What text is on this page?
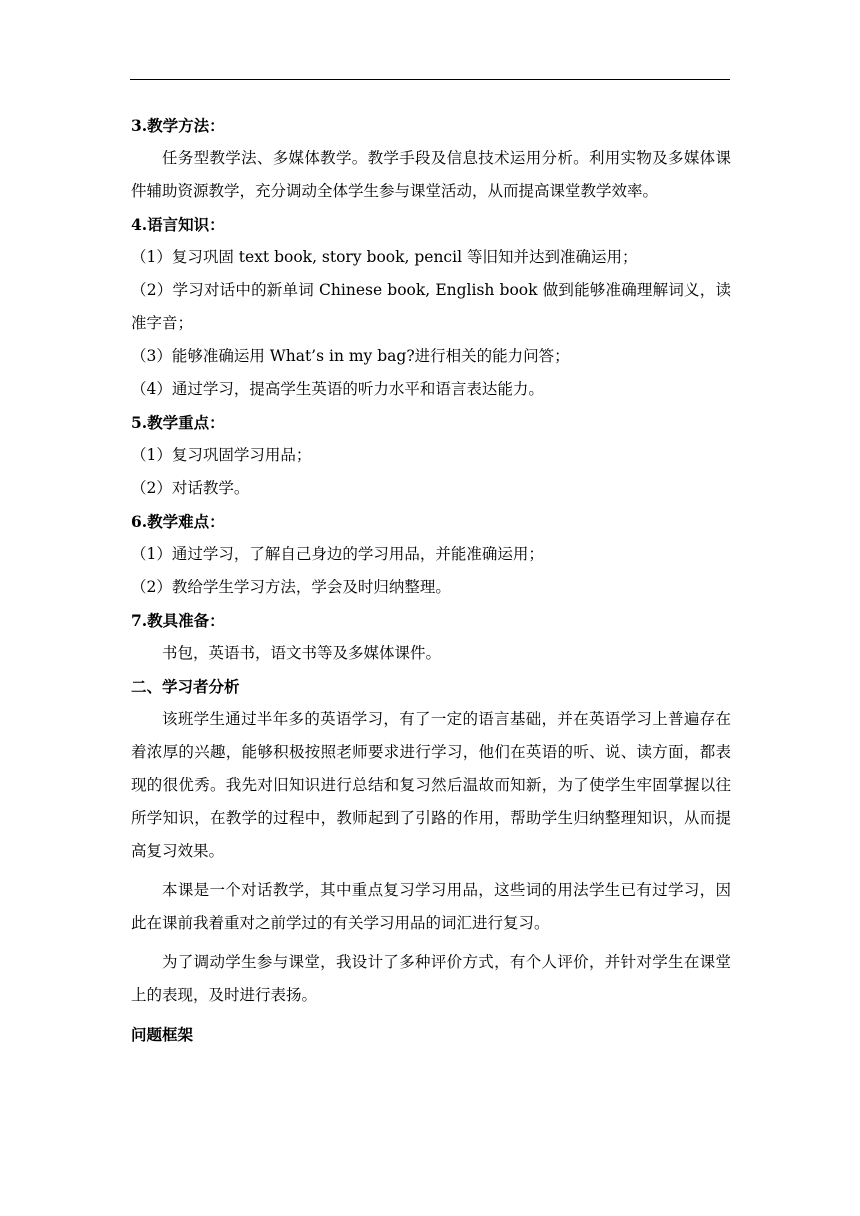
3.教学方法：
任务型教学法、多媒体教学。教学手段及信息技术运用分析。利用实物及多媒体课件辅助资源教学，充分调动全体学生参与课堂活动，从而提高课堂教学效率。
4.语言知识：
（1）复习巩固 text book, story book, pencil 等旧知并达到准确运用；
（2）学习对话中的新单词 Chinese book, English book 做到能够准确理解词义，读准字音；
（3）能够准确运用 What’s in my bag?进行相关的能力问答；
（4）通过学习，提高学生英语的听力水平和语言表达能力。
5.教学重点：
（1）复习巩固学习用品；
（2）对话教学。
6.教学难点：
（1）通过学习，了解自己身边的学习用品，并能准确运用；
（2）教给学生学习方法，学会及时归纳整理。
7.教具准备：
书包，英语书，语文书等及多媒体课件。
二、学习者分析
该班学生通过半年多的英语学习，有了一定的语言基础，并在英语学习上普遍存在着浓厚的兴趣，能够积极按照老师要求进行学习，他们在英语的听、说、读方面，都表现的很优秀。我先对旧知识进行总结和复习然后温故而知新，为了使学生牢固掌握以往所学知识，在教学的过程中，教师起到了引路的作用，帮助学生归纳整理知识，从而提高复习效果。
本课是一个对话教学，其中重点复习学习用品，这些词的用法学生已有过学习，因此在课前我着重对之前学过的有关学习用品的词汇进行复习。
为了调动学生参与课堂，我设计了多种评价方式，有个人评价，并针对学生在课堂上的表现，及时进行表扬。
问题框架
